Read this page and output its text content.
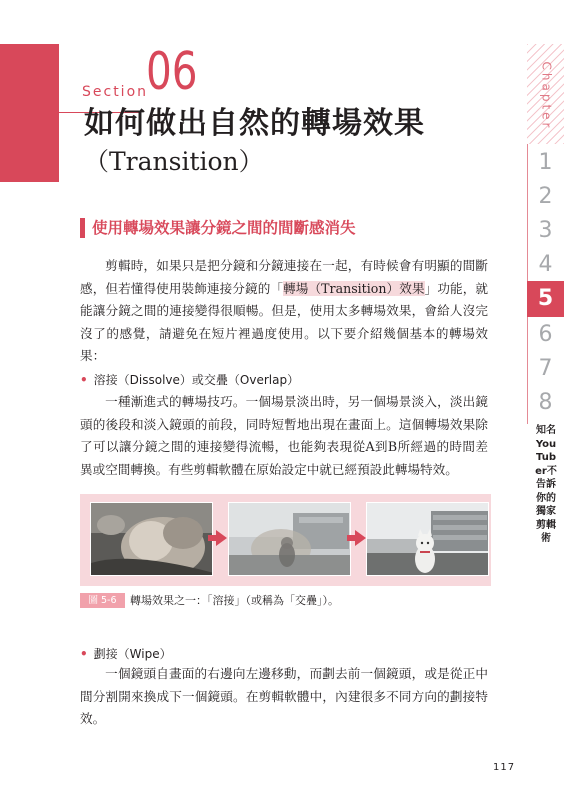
Section
06
如何做出自然的轉場效果
（Transition）
使用轉場效果讓分鏡之間的間斷感消失
剪輯時，如果只是把分鏡和分鏡連接在一起，有時候會有明顯的間斷感，但若懂得使用裝飾連接分鏡的「轉場（Transition）效果」功能，就能讓分鏡之間的連接變得很順暢。但是，使用太多轉場效果，會給人沒完沒了的感覺，請避免在短片裡過度使用。以下要介紹幾個基本的轉場效果：
• 溶接（Dissolve）或交疊（Overlap）
一種漸進式的轉場技巧。一個場景淡出時，另一個場景淡入，淡出鏡頭的後段和淡入鏡頭的前段，同時短暫地出現在畫面上。這個轉場效果除了可以讓分鏡之間的連接變得流暢，也能夠表現從A到B所經過的時間差異或空間轉換。有些剪輯軟體在原始設定中就已經預設此轉場特效。
圖 5-6	轉場效果之一：「溶接」（或稱為「交疊」）。
• 劃接（Wipe）
一個鏡頭自畫面的右邊向左邊移動，而劃去前一個鏡頭，或是從正中間分割開來換成下一個鏡頭。在剪輯軟體中，內建很多不同方向的劃接特效。
117
Chapter
1
2
3
4
5
6
7
8
知名YouTuber不告訴你的獨家剪輯術
